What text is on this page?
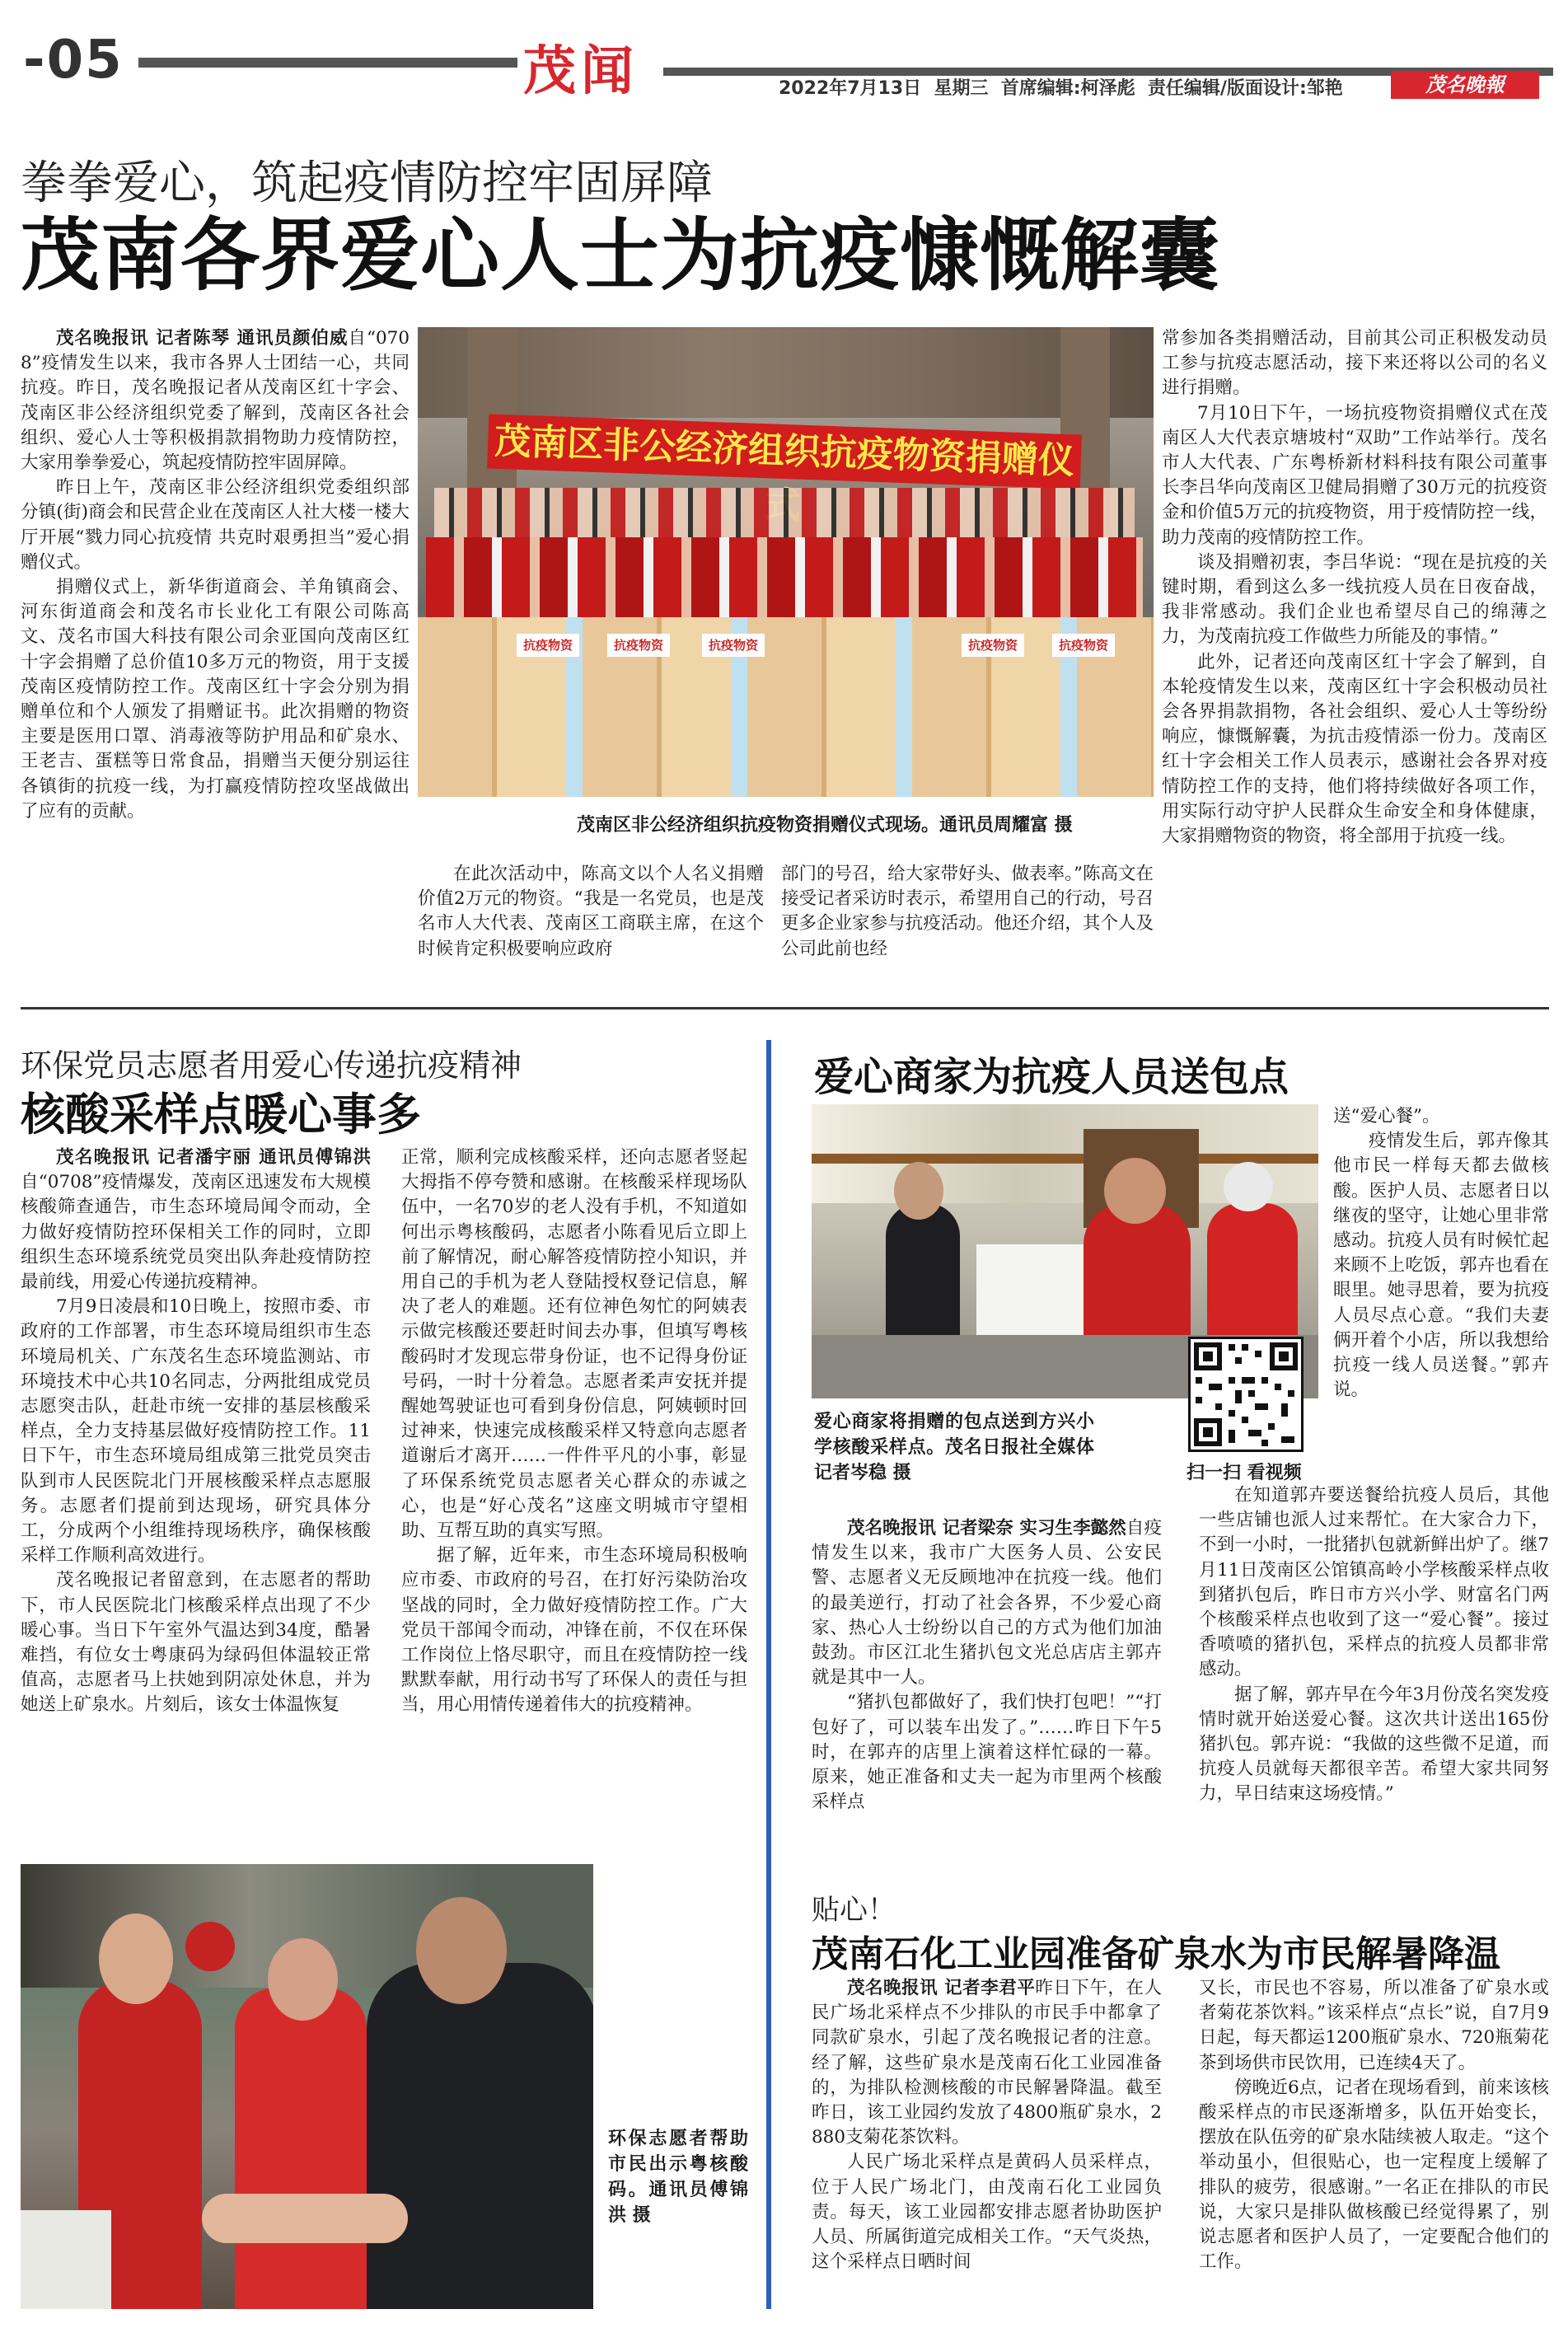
-05	茂闻	2022年7月13日  星期三  首席编辑:柯泽彪  责任编辑/版面设计:邹艳	茂名晚報
拳拳爱心，筑起疫情防控牢固屏障
茂南各界爱心人士为抗疫慷慨解囊

茂名晚报讯 记者陈琴 通讯员颜伯威自“0708”疫情发生以来，我市各界人士团结一心，共同抗疫。昨日，茂名晚报记者从茂南区红十字会、茂南区非公经济组织党委了解到，茂南区各社会组织、爱心人士等积极捐款捐物助力疫情防控，大家用拳拳爱心，筑起疫情防控牢固屏障。

昨日上午，茂南区非公经济组织党委组织部分镇(街)商会和民营企业在茂南区人社大楼一楼大厅开展“戮力同心抗疫情 共克时艰勇担当”爱心捐赠仪式。

捐赠仪式上，新华街道商会、羊角镇商会、河东街道商会和茂名市长业化工有限公司陈高文、茂名市国大科技有限公司余亚国向茂南区红十字会捐赠了总价值10多万元的物资，用于支援茂南区疫情防控工作。茂南区红十字会分别为捐赠单位和个人颁发了捐赠证书。此次捐赠的物资主要是医用口罩、消毒液等防护用品和矿泉水、王老吉、蛋糕等日常食品，捐赠当天便分别运往各镇街的抗疫一线，为打赢疫情防控攻坚战做出了应有的贡献。

茂南区非公经济组织抗疫物资捐赠仪式
抗疫物资	抗疫物资	抗疫物资	抗疫物资	抗疫物资
茂南区非公经济组织抗疫物资捐赠仪式现场。通讯员周耀富 摄

在此次活动中，陈高文以个人名义捐赠价值2万元的物资。“我是一名党员，也是茂名市人大代表、茂南区工商联主席，在这个时候肯定积极要响应政府

部门的号召，给大家带好头、做表率。”陈高文在接受记者采访时表示，希望用自己的行动，号召更多企业家参与抗疫活动。他还介绍，其个人及公司此前也经

常参加各类捐赠活动，目前其公司正积极发动员工参与抗疫志愿活动，接下来还将以公司的名义进行捐赠。

7月10日下午，一场抗疫物资捐赠仪式在茂南区人大代表京塘坡村“双助”工作站举行。茂名市人大代表、广东粤桥新材料科技有限公司董事长李吕华向茂南区卫健局捐赠了30万元的抗疫资金和价值5万元的抗疫物资，用于疫情防控一线，助力茂南的疫情防控工作。

谈及捐赠初衷，李吕华说：“现在是抗疫的关键时期，看到这么多一线抗疫人员在日夜奋战，我非常感动。我们企业也希望尽自己的绵薄之力，为茂南抗疫工作做些力所能及的事情。”

此外，记者还向茂南区红十字会了解到，自本轮疫情发生以来，茂南区红十字会积极动员社会各界捐款捐物，各社会组织、爱心人士等纷纷响应，慷慨解囊，为抗击疫情添一份力。茂南区红十字会相关工作人员表示，感谢社会各界对疫情防控工作的支持，他们将持续做好各项工作，用实际行动守护人民群众生命安全和身体健康，大家捐赠物资的物资，将全部用于抗疫一线。

环保党员志愿者用爱心传递抗疫精神
核酸采样点暖心事多

茂名晚报讯 记者潘宇丽 通讯员傅锦洪自“0708”疫情爆发，茂南区迅速发布大规模核酸筛查通告，市生态环境局闻令而动，全力做好疫情防控环保相关工作的同时，立即组织生态环境系统党员突出队奔赴疫情防控最前线，用爱心传递抗疫精神。

7月9日凌晨和10日晚上，按照市委、市政府的工作部署，市生态环境局组织市生态环境局机关、广东茂名生态环境监测站、市环境技术中心共10名同志，分两批组成党员志愿突击队，赶赴市统一安排的基层核酸采样点，全力支持基层做好疫情防控工作。11日下午，市生态环境局组成第三批党员突击队到市人民医院北门开展核酸采样点志愿服务。志愿者们提前到达现场，研究具体分工，分成两个小组维持现场秩序，确保核酸采样工作顺利高效进行。

茂名晚报记者留意到，在志愿者的帮助下，市人民医院北门核酸采样点出现了不少暖心事。当日下午室外气温达到34度，酷暑难挡，有位女士粤康码为绿码但体温较正常值高，志愿者马上扶她到阴凉处休息，并为她送上矿泉水。片刻后，该女士体温恢复

正常，顺利完成核酸采样，还向志愿者竖起大拇指不停夸赞和感谢。在核酸采样现场队伍中，一名70岁的老人没有手机，不知道如何出示粤核酸码，志愿者小陈看见后立即上前了解情况，耐心解答疫情防控小知识，并用自己的手机为老人登陆授权登记信息，解决了老人的难题。还有位神色匆忙的阿姨表示做完核酸还要赶时间去办事，但填写粤核酸码时才发现忘带身份证，也不记得身份证号码，一时十分着急。志愿者柔声安抚并提醒她驾驶证也可看到身份信息，阿姨顿时回过神来，快速完成核酸采样又特意向志愿者道谢后才离开……一件件平凡的小事，彰显了环保系统党员志愿者关心群众的赤诚之心，也是“好心茂名”这座文明城市守望相助、互帮互助的真实写照。

据了解，近年来，市生态环境局积极响应市委、市政府的号召，在打好污染防治攻坚战的同时，全力做好疫情防控工作。广大党员干部闻令而动，冲锋在前，不仅在环保工作岗位上恪尽职守，而且在疫情防控一线默默奉献，用行动书写了环保人的责任与担当，用心用情传递着伟大的抗疫精神。

环保志愿者帮助市民出示粤核酸码。通讯员傅锦洪 摄
爱心商家为抗疫人员送包点
爱心商家将捐赠的包点送到方兴小学核酸采样点。茂名日报社全媒体记者岑稳 摄	扫一扫 看视频

送“爱心餐”。

疫情发生后，郭卉像其他市民一样每天都去做核酸。医护人员、志愿者日以继夜的坚守，让她心里非常感动。抗疫人员有时候忙起来顾不上吃饭，郭卉也看在眼里。她寻思着，要为抗疫人员尽点心意。“我们夫妻俩开着个小店，所以我想给抗疫一线人员送餐。”郭卉说。

在知道郭卉要送餐给抗疫人员后，其他一些店铺也派人过来帮忙。在大家合力下，不到一小时，一批猪扒包就新鲜出炉了。继7月11日茂南区公馆镇高岭小学核酸采样点收到猪扒包后，昨日市方兴小学、财富名门两个核酸采样点也收到了这一“爱心餐”。接过香喷喷的猪扒包，采样点的抗疫人员都非常感动。

据了解，郭卉早在今年3月份茂名突发疫情时就开始送爱心餐。这次共计送出165份猪扒包。郭卉说：“我做的这些微不足道，而抗疫人员就每天都很辛苦。希望大家共同努力，早日结束这场疫情。”

茂名晚报讯 记者梁奈 实习生李懿然自疫情发生以来，我市广大医务人员、公安民警、志愿者义无反顾地冲在抗疫一线。他们的最美逆行，打动了社会各界，不少爱心商家、热心人士纷纷以自己的方式为他们加油鼓劲。市区江北生猪扒包文光总店店主郭卉就是其中一人。

“猪扒包都做好了，我们快打包吧！”“打包好了，可以装车出发了。”……昨日下午5时，在郭卉的店里上演着这样忙碌的一幕。原来，她正准备和丈夫一起为市里两个核酸采样点

贴心！
茂南石化工业园准备矿泉水为市民解暑降温

茂名晚报讯 记者李君平昨日下午，在人民广场北采样点不少排队的市民手中都拿了同款矿泉水，引起了茂名晚报记者的注意。经了解，这些矿泉水是茂南石化工业园准备的，为排队检测核酸的市民解暑降温。截至昨日，该工业园约发放了4800瓶矿泉水，2880支菊花茶饮料。

人民广场北采样点是黄码人员采样点，位于人民广场北门，由茂南石化工业园负责。每天，该工业园都安排志愿者协助医护人员、所属街道完成相关工作。“天气炎热，这个采样点日晒时间

又长，市民也不容易，所以准备了矿泉水或者菊花茶饮料。”该采样点“点长”说，自7月9日起，每天都运1200瓶矿泉水、720瓶菊花茶到场供市民饮用，已连续4天了。

傍晚近6点，记者在现场看到，前来该核酸采样点的市民逐渐增多，队伍开始变长，摆放在队伍旁的矿泉水陆续被人取走。“这个举动虽小，但很贴心，也一定程度上缓解了排队的疲劳，很感谢。”一名正在排队的市民说，大家只是排队做核酸已经觉得累了，别说志愿者和医护人员了，一定要配合他们的工作。
